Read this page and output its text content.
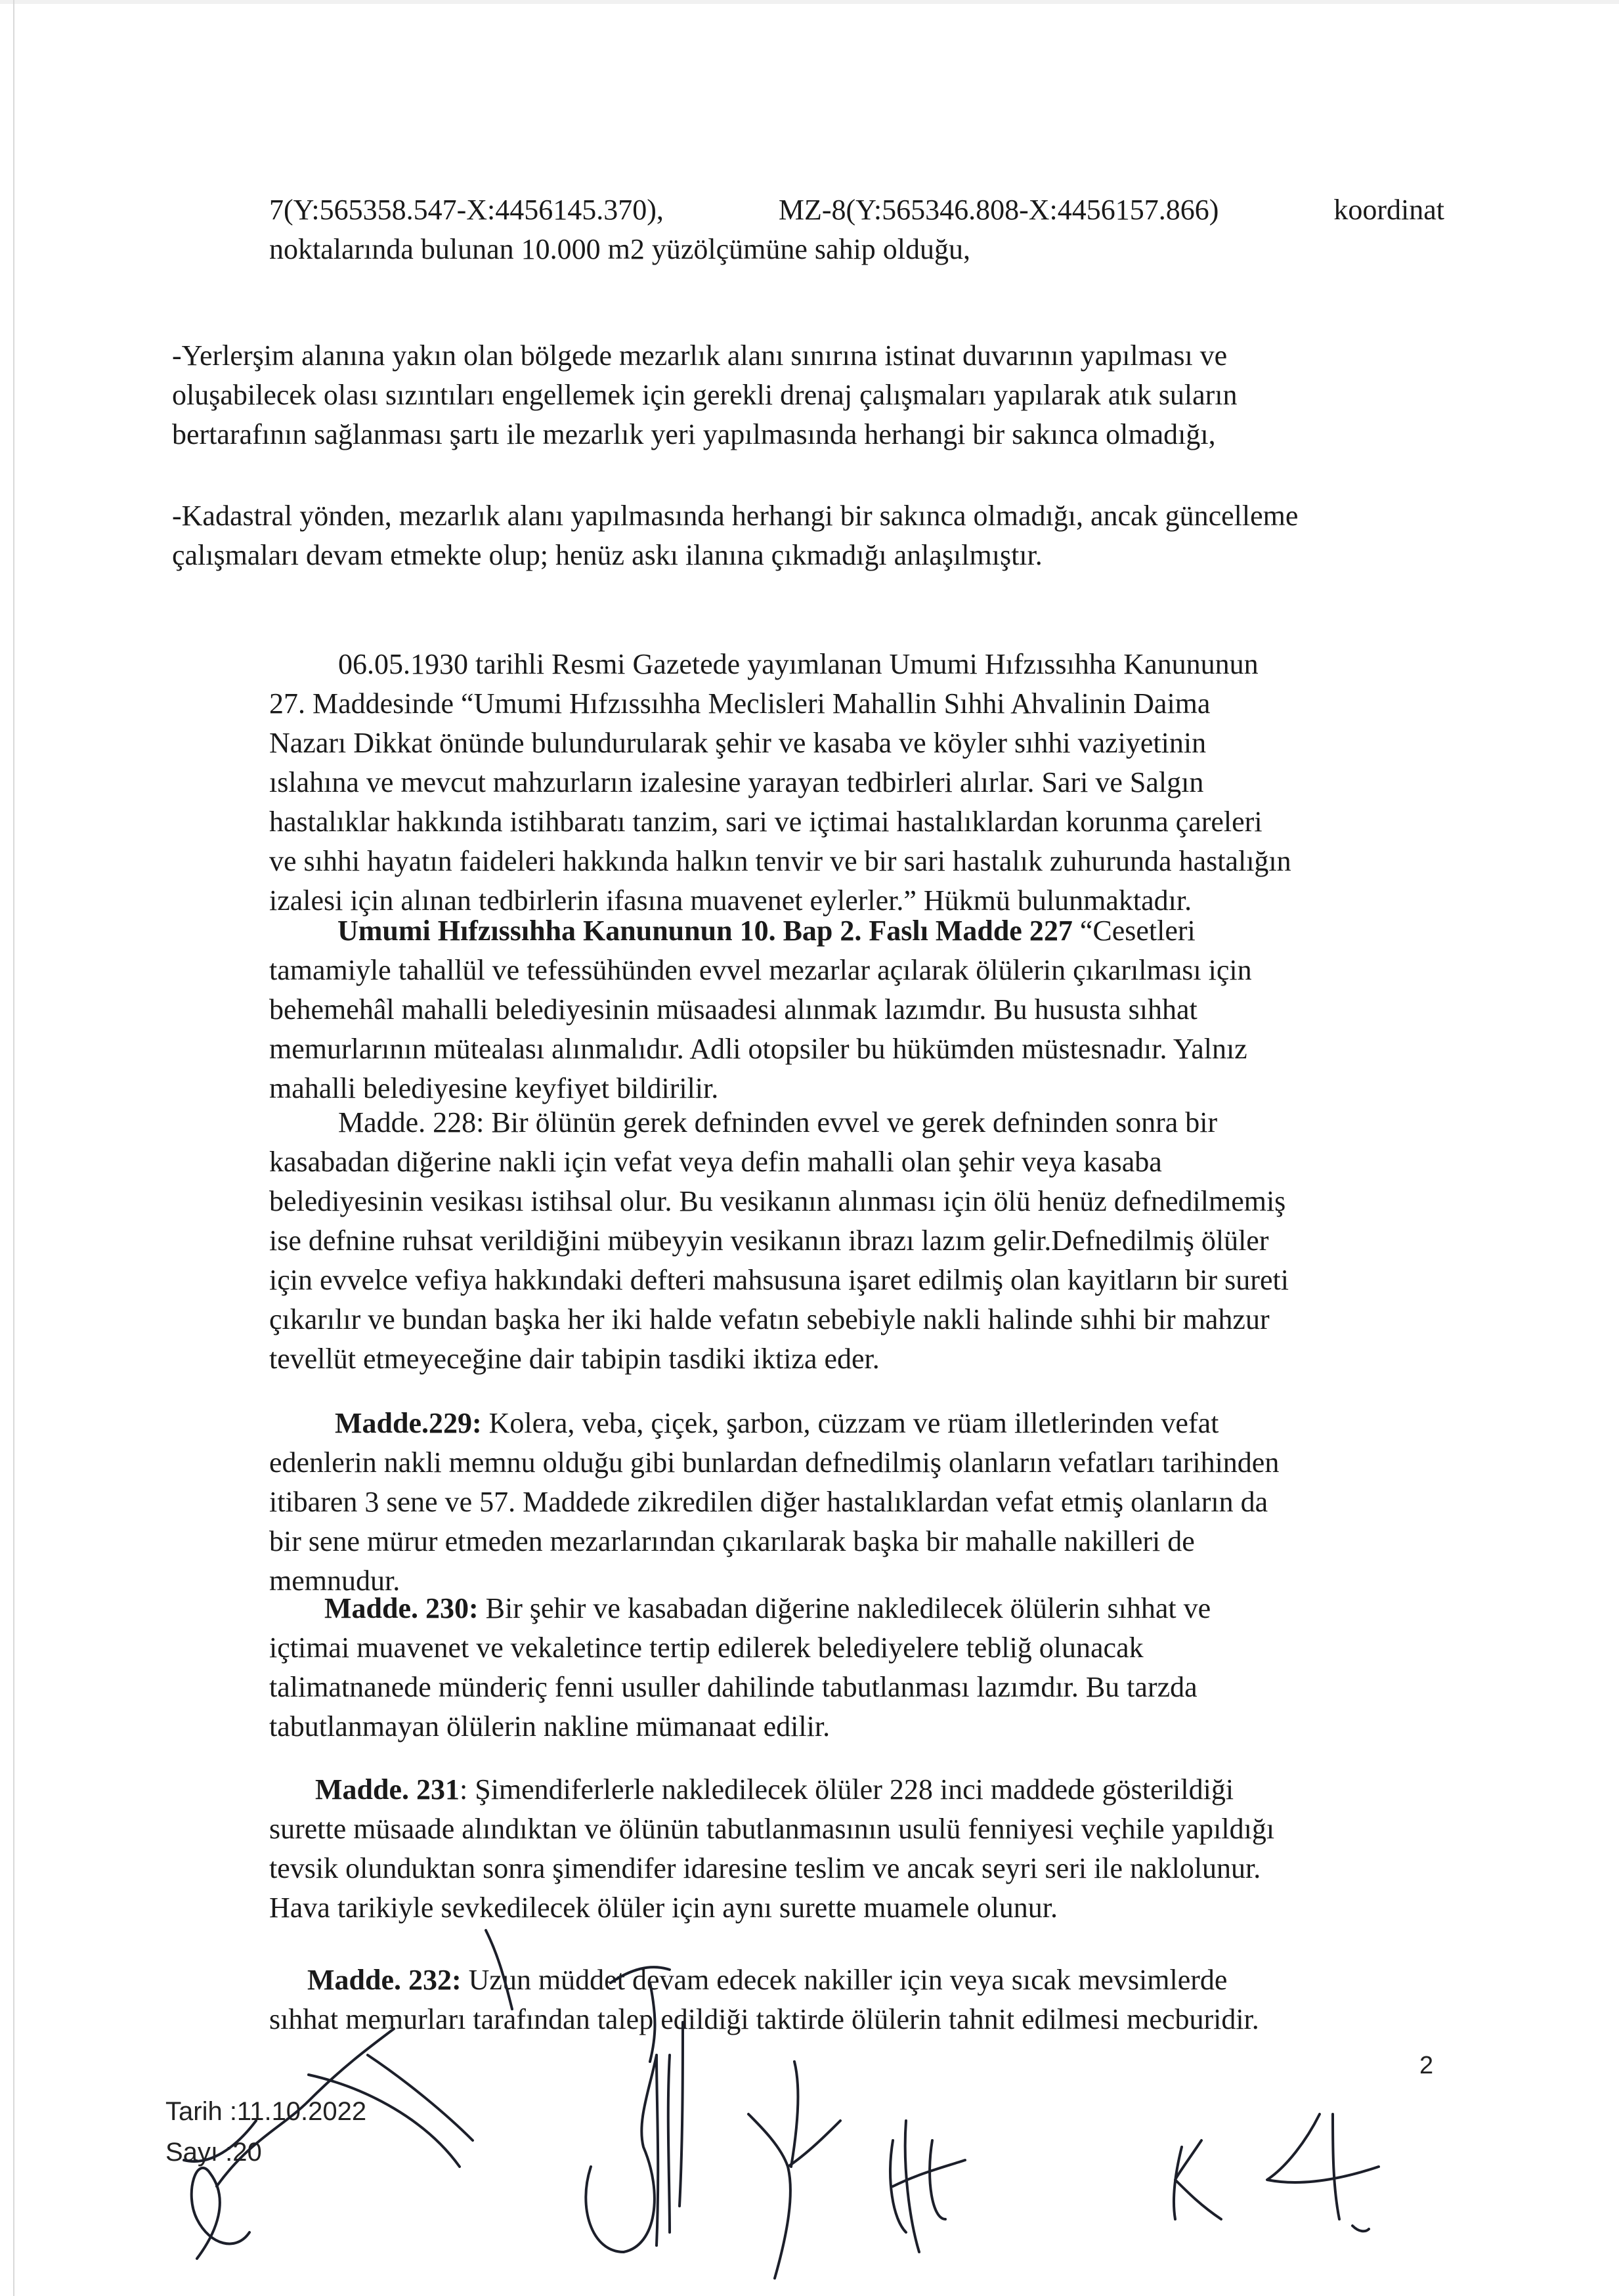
7(Y:565358.547-X:4456145.370),	MZ-8(Y:565346.808-X:4456157.866)	koordinat
noktalarında bulunan 10.000 m2 yüzölçümüne sahip olduğu,
-Yerlerşim alanına yakın olan bölgede mezarlık alanı sınırına istinat duvarının yapılması ve
oluşabilecek olası sızıntıları engellemek için gerekli drenaj çalışmaları yapılarak atık suların
bertarafının sağlanması şartı ile mezarlık yeri yapılmasında herhangi bir sakınca olmadığı,
-Kadastral yönden, mezarlık alanı yapılmasında herhangi bir sakınca olmadığı, ancak güncelleme
çalışmaları devam etmekte olup; henüz askı ilanına çıkmadığı anlaşılmıştır.
06.05.1930 tarihli Resmi Gazetede yayımlanan Umumi Hıfzıssıhha Kanununun
27. Maddesinde “Umumi Hıfzıssıhha Meclisleri Mahallin Sıhhi Ahvalinin Daima
Nazarı Dikkat önünde bulundurularak şehir ve kasaba ve köyler sıhhi vaziyetinin
ıslahına ve mevcut mahzurların izalesine yarayan tedbirleri alırlar. Sari ve Salgın
hastalıklar hakkında istihbaratı tanzim, sari ve içtimai hastalıklardan korunma çareleri
ve sıhhi hayatın faideleri hakkında halkın tenvir ve bir sari hastalık zuhurunda hastalığın
izalesi için alınan tedbirlerin ifasına muavenet eylerler.” Hükmü bulunmaktadır.
Umumi Hıfzıssıhha Kanununun 10. Bap 2. Faslı Madde 227 “Cesetleri
tamamiyle tahallül ve tefessühünden evvel mezarlar açılarak ölülerin çıkarılması için
behemehâl mahalli belediyesinin müsaadesi alınmak lazımdır. Bu hususta sıhhat
memurlarının mütealası alınmalıdır. Adli otopsiler bu hükümden müstesnadır. Yalnız
mahalli belediyesine keyfiyet bildirilir.
Madde. 228: Bir ölünün gerek defninden evvel ve gerek defninden sonra bir
kasabadan diğerine nakli için vefat veya defin mahalli olan şehir veya kasaba
belediyesinin vesikası istihsal olur. Bu vesikanın alınması için ölü henüz defnedilmemiş
ise defnine ruhsat verildiğini mübeyyin vesikanın ibrazı lazım gelir.Defnedilmiş ölüler
için evvelce vefiya hakkındaki defteri mahsusuna işaret edilmiş olan kayitların bir sureti
çıkarılır ve bundan başka her iki halde vefatın sebebiyle nakli halinde sıhhi bir mahzur
tevellüt etmeyeceğine dair tabipin tasdiki iktiza eder.
Madde.229: Kolera, veba, çiçek, şarbon, cüzzam ve rüam illetlerinden vefat
edenlerin nakli memnu olduğu gibi bunlardan defnedilmiş olanların vefatları tarihinden
itibaren 3 sene ve 57. Maddede zikredilen diğer hastalıklardan vefat etmiş olanların da
bir sene mürur etmeden mezarlarından çıkarılarak başka bir mahalle nakilleri de
memnudur.
Madde. 230: Bir şehir ve kasabadan diğerine nakledilecek ölülerin sıhhat ve
içtimai muavenet ve vekaletince tertip edilerek belediyelere tebliğ olunacak
talimatnanede münderiç fenni usuller dahilinde tabutlanması lazımdır. Bu tarzda
tabutlanmayan ölülerin nakline mümanaat edilir.
Madde. 231: Şimendiferlerle nakledilecek ölüler 228 inci maddede gösterildiği
surette müsaade alındıktan ve ölünün tabutlanmasının usulü fenniyesi veçhile yapıldığı
tevsik olunduktan sonra şimendifer idaresine teslim ve ancak seyri seri ile naklolunur.
Hava tarikiyle sevkedilecek ölüler için aynı surette muamele olunur.
Madde. 232: Uzun müddet devam edecek nakiller için veya sıcak mevsimlerde
sıhhat memurları tarafından talep edildiği taktirde ölülerin tahnit edilmesi mecburidir.
2
Tarih :11.10.2022
Sayı :20
